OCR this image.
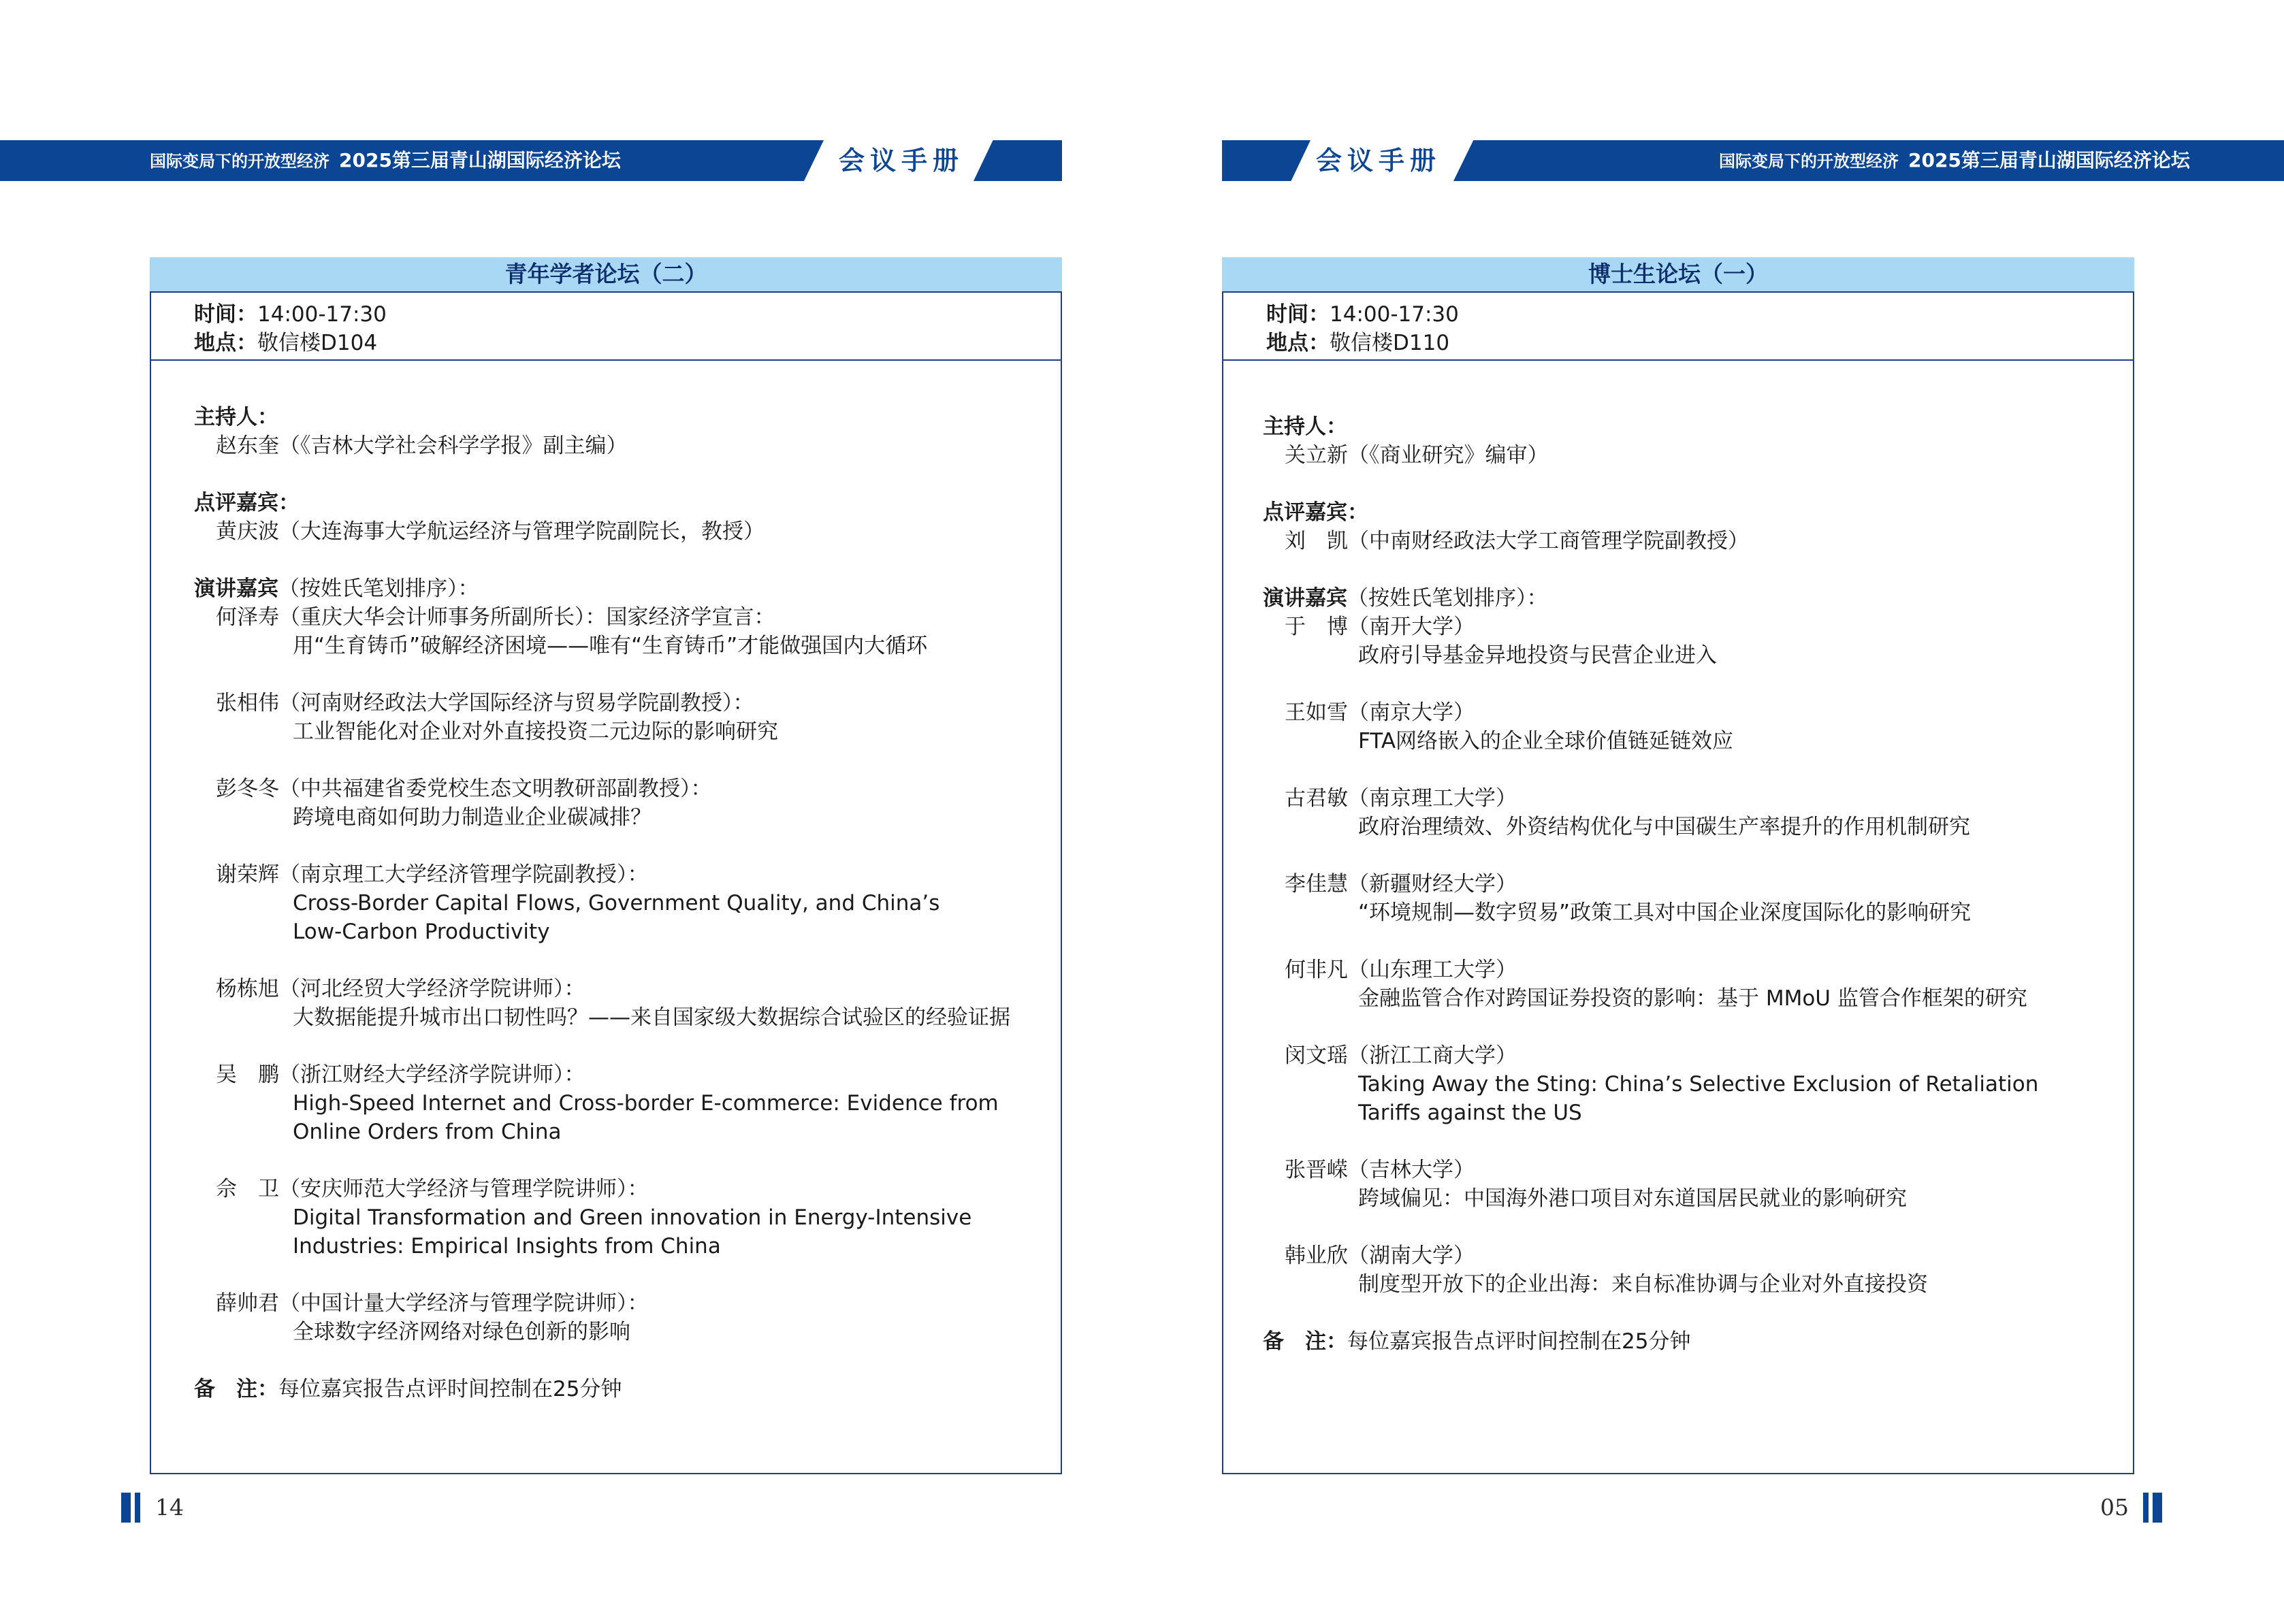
国际变局下的开放型经济 2025第三届青山湖国际经济论坛	会议手册	会议手册	国际变局下的开放型经济 2025第三届青山湖国际经济论坛
青年学者论坛（二）
时间：14:00-17:30
地点：敬信楼D104
主持人：
赵东奎（《吉林大学社会科学学报》副主编）
点评嘉宾：
黄庆波（大连海事大学航运经济与管理学院副院长，教授）
演讲嘉宾（按姓氏笔划排序）：
何泽寿（重庆大华会计师事务所副所长）：国家经济学宣言：
用“生育铸币”破解经济困境——唯有“生育铸币”才能做强国内大循环
张相伟（河南财经政法大学国际经济与贸易学院副教授）：
工业智能化对企业对外直接投资二元边际的影响研究
彭冬冬（中共福建省委党校生态文明教研部副教授）：
跨境电商如何助力制造业企业碳减排？
谢荣辉（南京理工大学经济管理学院副教授）：
Cross-Border Capital Flows, Government Quality, and China’s
Low-Carbon Productivity
杨栋旭（河北经贸大学经济学院讲师）：
大数据能提升城市出口韧性吗？——来自国家级大数据综合试验区的经验证据
吴　鹏（浙江财经大学经济学院讲师）：
High-Speed Internet and Cross-border E-commerce: Evidence from
Online Orders from China
佘　卫（安庆师范大学经济与管理学院讲师）：
Digital Transformation and Green innovation in Energy-Intensive
Industries: Empirical Insights from China
薛帅君（中国计量大学经济与管理学院讲师）：
全球数字经济网络对绿色创新的影响
备　注：每位嘉宾报告点评时间控制在25分钟
博士生论坛（一）
时间：14:00-17:30
地点：敬信楼D110
主持人：
关立新（《商业研究》编审）
点评嘉宾：
刘　凯（中南财经政法大学工商管理学院副教授）
演讲嘉宾（按姓氏笔划排序）：
于　博（南开大学）
政府引导基金异地投资与民营企业进入
王如雪（南京大学）
FTA网络嵌入的企业全球价值链延链效应
古君敏（南京理工大学）
政府治理绩效、外资结构优化与中国碳生产率提升的作用机制研究
李佳慧（新疆财经大学）
“环境规制—数字贸易”政策工具对中国企业深度国际化的影响研究
何非凡（山东理工大学）
金融监管合作对跨国证券投资的影响：基于 MMoU 监管合作框架的研究
闵文瑶（浙江工商大学）
Taking Away the Sting: China’s Selective Exclusion of Retaliation
Tariffs against the US
张晋嵘（吉林大学）
跨域偏见：中国海外港口项目对东道国居民就业的影响研究
韩业欣（湖南大学）
制度型开放下的企业出海：来自标准协调与企业对外直接投资
备　注：每位嘉宾报告点评时间控制在25分钟
14	05
